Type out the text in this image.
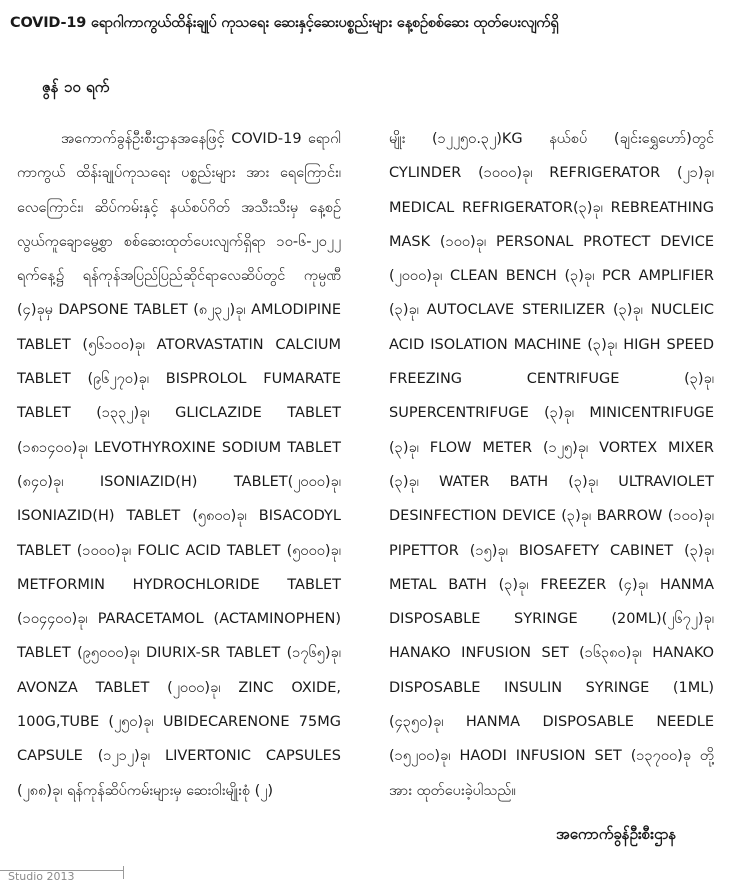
COVID-19 ရောဂါကာကွယ်ထိန်းချုပ် ကုသရေး ဆေးနှင့်ဆေးပစ္စည်းများ နေ့စဉ်စစ်ဆေး ထုတ်ပေးလျက်ရှိ
ဇွန် ၁၀ ရက်

အကောက်ခွန်ဦးစီးဌာနအနေဖြင့် COVID-19 ရောဂါ ကာကွယ် ထိန်းချုပ်ကုသရေး ပစ္စည်းများ အား ရေကြောင်း၊ လေကြောင်း၊ ဆိပ်ကမ်းနှင့် နယ်စပ်ဂိတ် အသီးသီးမှ နေ့စဉ်လွယ်ကူချောမွေ့စွာ စစ်ဆေးထုတ်ပေးလျက်ရှိရာ ၁၀-၆-၂၀၂၂ ရက်နေ့၌ ရန်ကုန်အပြည်ပြည်ဆိုင်ရာလေဆိပ်တွင် ကုမ္ပဏီ (၄)ခုမှ DAPSONE TABLET (၈၂၃၂)ခု၊ AMLODIPINE TABLET (၅၆၁၀၀)ခု၊ ATORVASTATIN CALCIUM TABLET (၉၆၂၇၀)ခု၊ BISPROLOL FUMARATE TABLET (၁၃၃၂)ခု၊ GLICLAZIDE TABLET (၁၈၁၄၀၀)ခု၊ LEVOTHYROXINE SODIUM TABLET (၈၄၀)ခု၊ ISONIAZID(H) TABLET(၂၀၀၀)ခု၊ ISONIAZID(H) TABLET (၅၈၀၀)ခု၊ BISACODYL TABLET (၁၀၀၀)ခု၊ FOLIC ACID TABLET (၅၀၀၀)ခု၊ METFORMIN HYDROCHLORIDE TABLET (၁၀၄၄၀၀)ခု၊ PARACETAMOL (ACTAMINOPHEN) TABLET (၉၅၀၀၀)ခု၊ DIURIX-SR TABLET (၁၇၆၅)ခု၊ AVONZA TABLET (၂၀၀၀)ခု၊ ZINC OXIDE, 100G,TUBE (၂၅၀)ခု၊ UBIDECARENONE 75MG CAPSULE (၁၂၁၂)ခု၊ LIVERTONIC CAPSULES (၂၈၈)ခု၊ ရန်ကုန်ဆိပ်ကမ်းများမှ ဆေးဝါးမျိုးစုံ (၂)

မျိုး (၁၂၂၅၀.၃၂)KG နယ်စပ် (ချင်းရွှေဟော်)တွင် CYLINDER (၁၀၀၀)ခု၊ REFRIGERATOR (၂၁)ခု၊ MEDICAL REFRIGERATOR(၃)ခု၊ REBREATHING MASK (၁၀၀)ခု၊ PERSONAL PROTECT DEVICE (၂၀၀၀)ခု၊ CLEAN BENCH (၃)ခု၊ PCR AMPLIFIER (၃)ခု၊ AUTOCLAVE STERILIZER (၃)ခု၊ NUCLEIC ACID ISOLATION MACHINE (၃)ခု၊ HIGH SPEED FREEZING CENTRIFUGE (၃)ခု၊ SUPERCENTRIFUGE (၃)ခု၊ MINICENTRIFUGE (၃)ခု၊ FLOW METER (၁၂၅)ခု၊ VORTEX MIXER (၃)ခု၊ WATER BATH (၃)ခု၊ ULTRAVIOLET DESINFECTION DEVICE (၃)ခု၊ BARROW (၁၀၀)ခု၊ PIPETTOR (၁၅)ခု၊ BIOSAFETY CABINET (၃)ခု၊ METAL BATH (၃)ခု၊ FREEZER (၄)ခု၊ HANMA DISPOSABLE SYRINGE (20ML)(၂၆၇၂)ခု၊ HANAKO INFUSION SET (၁၆၃၈၀)ခု၊ HANAKO DISPOSABLE INSULIN SYRINGE (1ML) (၄၃၅၀)ခု၊ HANMA DISPOSABLE NEEDLE (၁၅၂၀၀)ခု၊ HAODI INFUSION SET (၁၃၇၀၀)ခု တို့အား ထုတ်ပေးခဲ့ပါသည်။

အကောက်ခွန်ဦးစီးဌာန
Studio 2013
